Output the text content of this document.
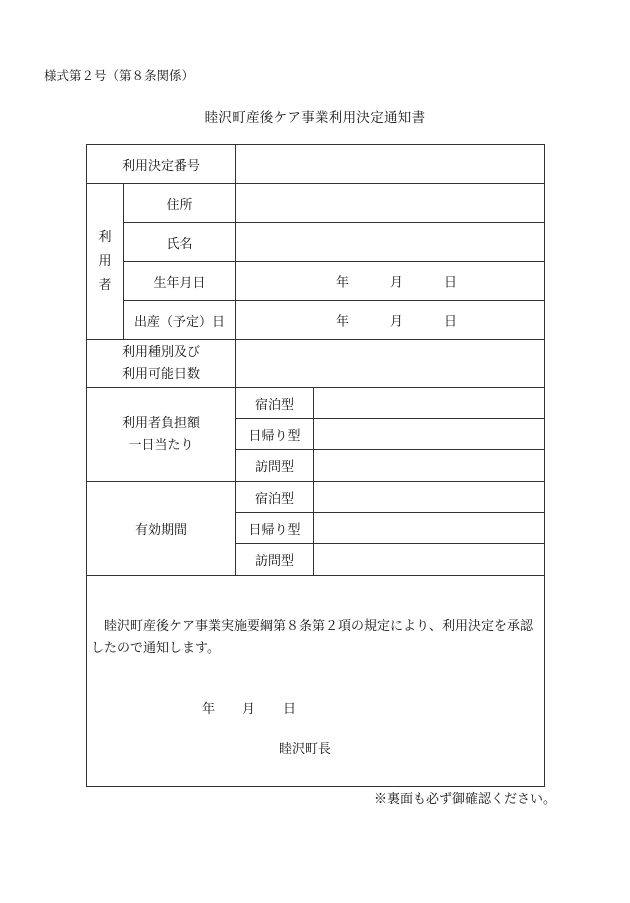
様式第２号（第８条関係）
睦沢町産後ケア事業利用決定通知書
利用決定番号			
利
用
者	住所		
	氏名		
	生年月日	年 月 日	

	出産（予定）日	年 月 日	

利用種別及び
利用可能日数			
利用者負担額
一日当たり		宿泊型	
		日帰り型	
		訪問型	
有効期間		宿泊型	
		日帰り型	
		訪問型	

睦沢町産後ケア事業実施要綱第８条第２項の規定により、利用決定を承認したので通知します。
年 月 日
睦沢町長			
※裏面も必ず御確認ください。
